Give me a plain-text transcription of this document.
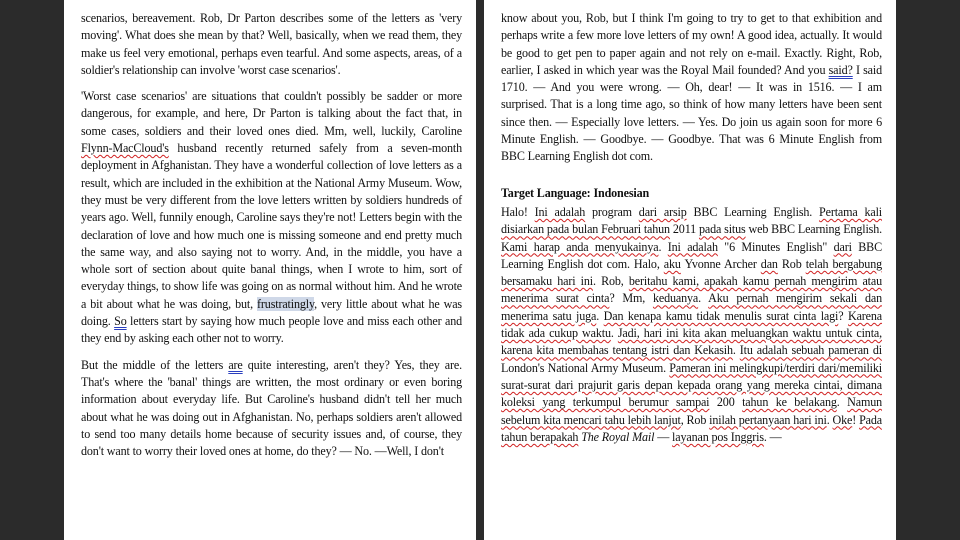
scenarios, bereavement. Rob, Dr Parton describes some of the letters as 'very moving'. What does she mean by that? Well, basically, when we read them, they make us feel very emotional, perhaps even tearful. And some aspects, areas, of a soldier's relationship can involve 'worst case scenarios'.

'Worst case scenarios' are situations that couldn't possibly be sadder or more dangerous, for example, and here, Dr Parton is talking about the fact that, in some cases, soldiers and their loved ones died. Mm, well, luckily, Caroline Flynn-MacCloud's husband recently returned safely from a seven-month deployment in Afghanistan. They have a wonderful collection of love letters as a result, which are included in the exhibition at the National Army Museum. Wow, they must be very different from the love letters written by soldiers hundreds of years ago. Well, funnily enough, Caroline says they're not! Letters begin with the declaration of love and how much one is missing someone and end pretty much the same way, and also saying not to worry. And, in the middle, you have a whole sort of section about quite banal things, when I wrote to him, sort of everyday things, to show life was going on as normal without him. And he wrote a bit about what he was doing, but, frustratingly, very little about what he was doing. So letters start by saying how much people love and miss each other and they end by asking each other not to worry.

But the middle of the letters are quite interesting, aren't they? Yes, they are. That's where the 'banal' things are written, the most ordinary or even boring information about everyday life. But Caroline's husband didn't tell her much about what he was doing out in Afghanistan. No, perhaps soldiers aren't allowed to send too many details home because of security issues and, of course, they don't want to worry their loved ones at home, do they? — No. —Well, I don't

know about you, Rob, but I think I'm going to try to get to that exhibition and perhaps write a few more love letters of my own! A good idea, actually. It would be good to get pen to paper again and not rely on e-mail. Exactly. Right, Rob, earlier, I asked in which year was the Royal Mail founded? And you said? I said 1710. — And you were wrong. — Oh, dear! — It was in 1516. — I am surprised. That is a long time ago, so think of how many letters have been sent since then. — Especially love letters. — Yes. Do join us again soon for more 6 Minute English. — Goodbye. — Goodbye. That was 6 Minute English from BBC Learning English dot com.

Target Language: Indonesian

Halo! Ini adalah program dari arsip BBC Learning English. Pertama kali disiarkan pada bulan Februari tahun 2011 pada situs web BBC Learning English. Kami harap anda menyukainya. Ini adalah "6 Minutes English" dari BBC Learning English dot com. Halo, aku Yvonne Archer dan Rob telah bergabung bersamaku hari ini. Rob, beritahu kami, apakah kamu pernah mengirim atau menerima surat cinta? Mm, keduanya. Aku pernah mengirim sekali dan menerima satu juga. Dan kenapa kamu tidak menulis surat cinta lagi? Karena tidak ada cukup waktu. Jadi, hari ini kita akan meluangkan waktu untuk cinta, karena kita membahas tentang istri dan Kekasih. Itu adalah sebuah pameran di London's National Army Museum. Pameran ini melingkupi/terdiri dari/memiliki surat-surat dari prajurit garis depan kepada orang yang mereka cintai, dimana koleksi yang terkumpul berumur sampai 200 tahun ke belakang. Namun sebelum kita mencari tahu lebih lanjut, Rob inilah pertanyaan hari ini. Oke! Pada tahun berapakah The Royal Mail — layanan pos Inggris. —
